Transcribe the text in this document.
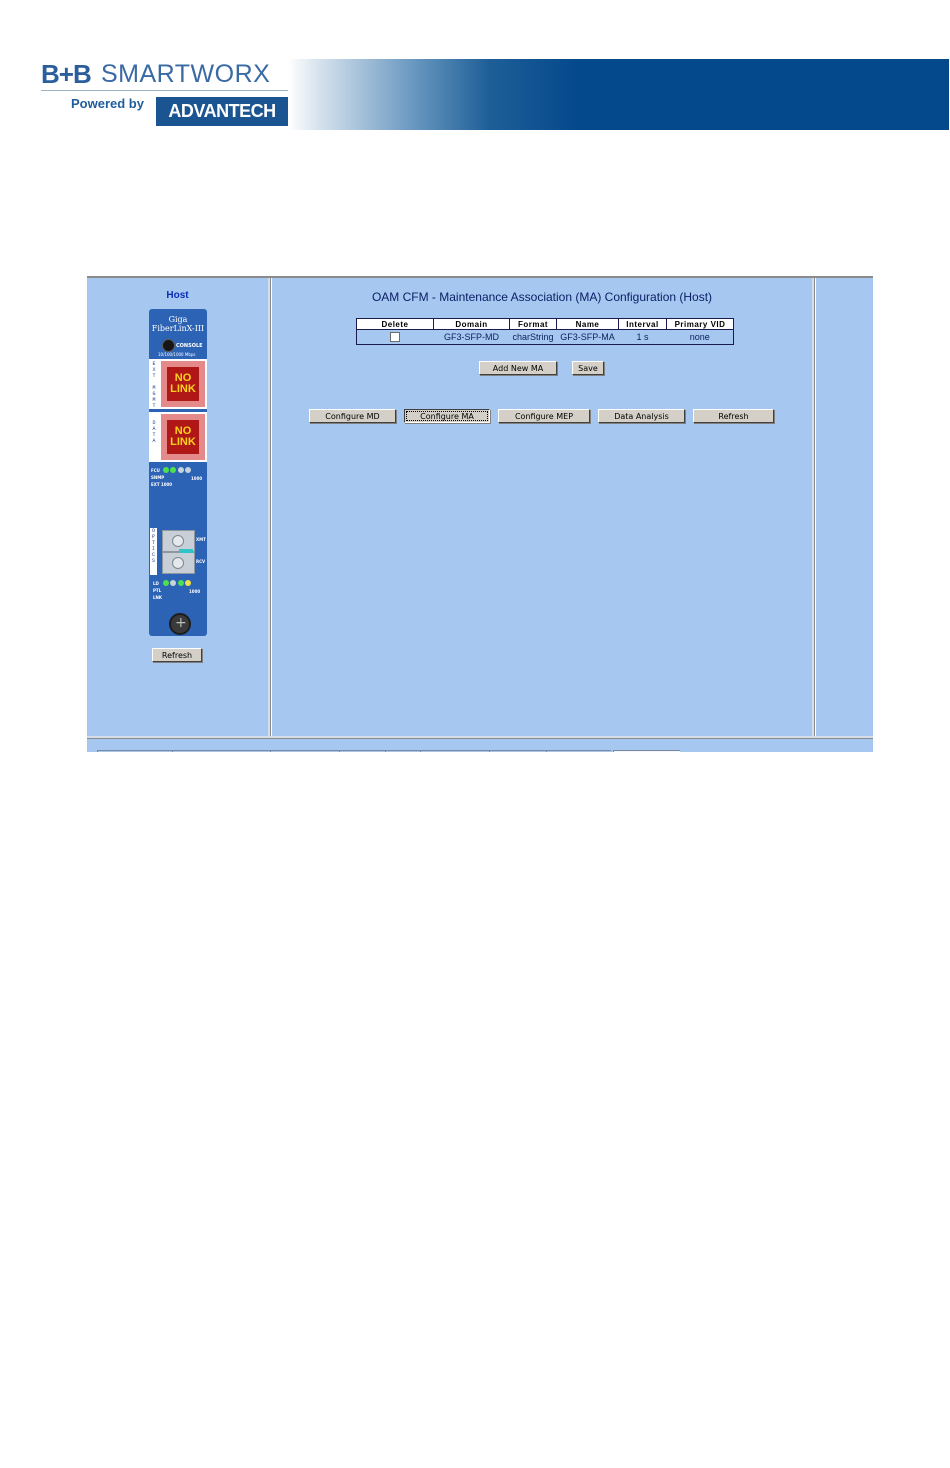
B+B SMARTWORX
Powered by	ADVANTECH
Host
Giga
FiberLinX-III
CONSOLE
10/100/1000 Mbps
E
X
T

M
G
M
T
NO
LINK
D
A
T
A
NO
LINK
FCU
SNMP
EXT 1000
1000
O
P
T
I
C
S
XMT
RCV
LD
PTL
LNK
1000
+
Refresh
OAM CFM - Maintenance Association (MA) Configuration (Host)
Delete	Domain	Format	Name	Interval	Primary VID
	GF3-SFP-MD	charString	GF3-SFP-MA	1 s	none
Add New MA	Save
Configure MD	Configure MA	Configure MEP	Data Analysis	Refresh
